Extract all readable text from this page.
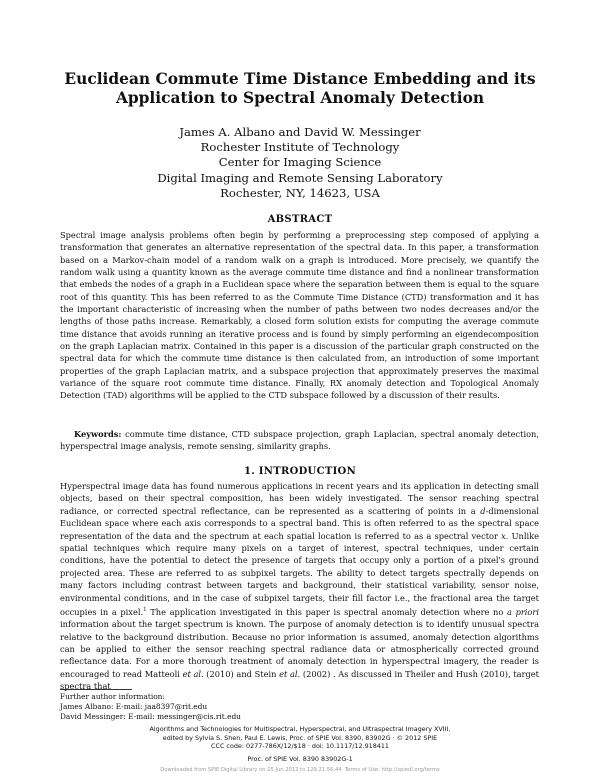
Euclidean Commute Time Distance Embedding and its
Application to Spectral Anomaly Detection
James A. Albano and David W. Messinger
Rochester Institute of Technology
Center for Imaging Science
Digital Imaging and Remote Sensing Laboratory
Rochester, NY, 14623, USA
ABSTRACT
Spectral image analysis problems often begin by performing a preprocessing step composed of applying a transformation that generates an alternative representation of the spectral data. In this paper, a transformation based on a Markov-chain model of a random walk on a graph is introduced. More precisely, we quantify the random walk using a quantity known as the average commute time distance and find a nonlinear transformation that embeds the nodes of a graph in a Euclidean space where the separation between them is equal to the square root of this quantity. This has been referred to as the Commute Time Distance (CTD) transformation and it has the important characteristic of increasing when the number of paths between two nodes decreases and/or the lengths of those paths increase. Remarkably, a closed form solution exists for computing the average commute time distance that avoids running an iterative process and is found by simply performing an eigendecomposition on the graph Laplacian matrix. Contained in this paper is a discussion of the particular graph constructed on the spectral data for which the commute time distance is then calculated from, an introduction of some important properties of the graph Laplacian matrix, and a subspace projection that approximately preserves the maximal variance of the square root commute time distance. Finally, RX anomaly detection and Topological Anomaly Detection (TAD) algorithms will be applied to the CTD subspace followed by a discussion of their results.
Keywords: commute time distance, CTD subspace projection, graph Laplacian, spectral anomaly detection, hyperspectral image analysis, remote sensing, similarity graphs.
1. INTRODUCTION
Hyperspectral image data has found numerous applications in recent years and its application in detecting small objects, based on their spectral composition, has been widely investigated. The sensor reaching spectral radiance, or corrected spectral reflectance, can be represented as a scattering of points in a d-dimensional Euclidean space where each axis corresponds to a spectral band. This is often referred to as the spectral space representation of the data and the spectrum at each spatial location is referred to as a spectral vector x. Unlike spatial techniques which require many pixels on a target of interest, spectral techniques, under certain conditions, have the potential to detect the presence of targets that occupy only a portion of a pixel's ground projected area. These are referred to as subpixel targets. The ability to detect targets spectrally depends on many factors including contrast between targets and background, their statistical variability, sensor noise, environmental conditions, and in the case of subpixel targets, their fill factor i.e., the fractional area the target occupies in a pixel.$^1$ The application investigated in this paper is spectral anomaly detection where no a priori information about the target spectrum is known. The purpose of anomaly detection is to identify unusual spectra relative to the background distribution. Because no prior information is assumed, anomaly detection algorithms can be applied to either the sensor reaching spectral radiance data or atmospherically corrected ground reflectance data. For a more thorough treatment of anomaly detection in hyperspectral imagery, the reader is encouraged to read Matteoli et al. (2010) and Stein et al. (2002) . As discussed in Theiler and Hush (2010), target spectra that
Further author information:
James Albano: E-mail: jaa8397@rit.edu
David Messinger: E-mail: messinger@cis.rit.edu
Algorithms and Technologies for Multispectral, Hyperspectral, and Ultraspectral Imagery XVIII,
edited by Sylvia S. Shen, Paul E. Lewis, Proc. of SPIE Vol. 8390, 83902G · © 2012 SPIE
CCC code: 0277-786X/12/$18 · doi: 10.1117/12.918411
Proc. of SPIE Vol. 8390 83902G-1
Downloaded from SPIE Digital Library on 25 Jun 2012 to 129.21.56.44. Terms of Use: http://spiedl.org/terms
